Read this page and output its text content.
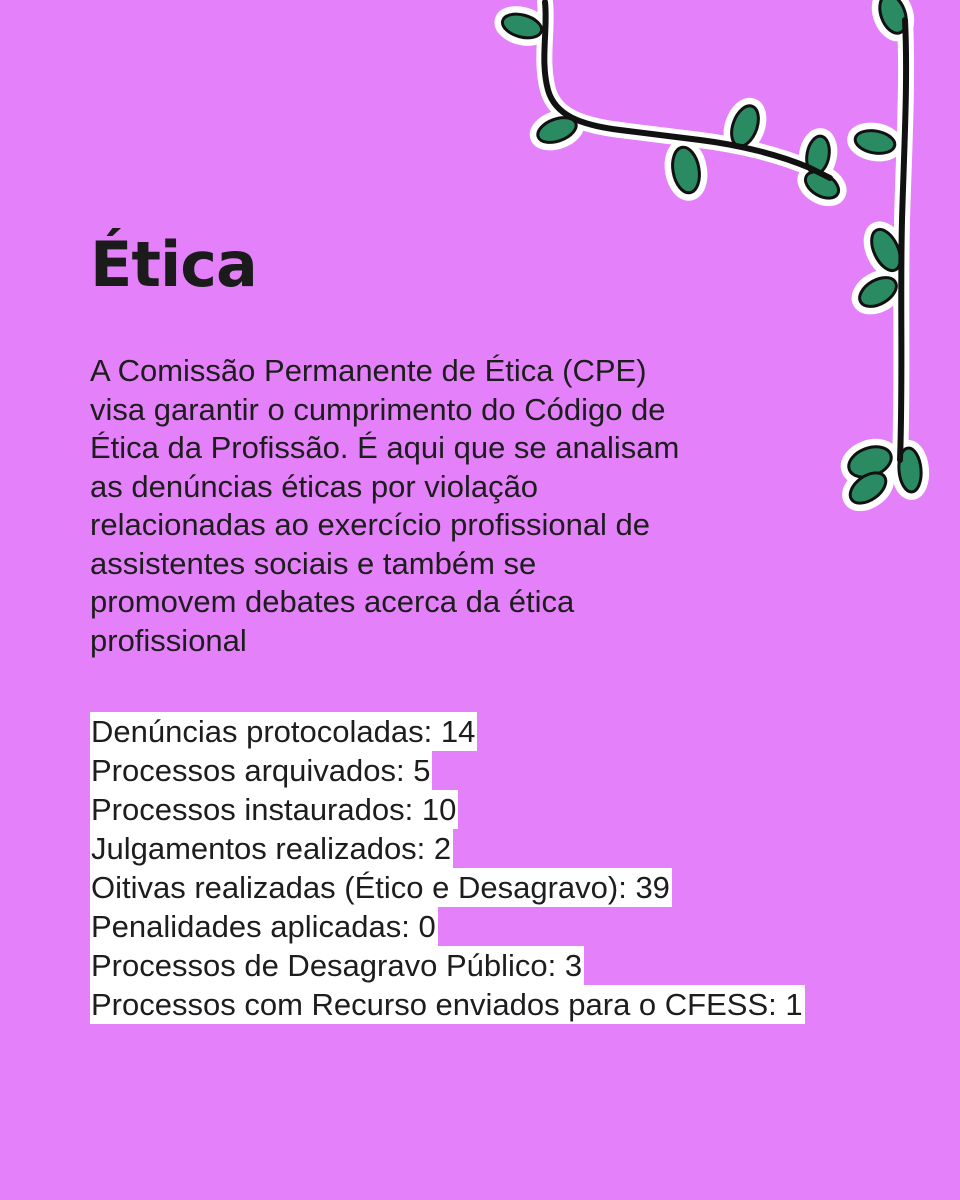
Ética

A Comissão Permanente de Ética (CPE) visa garantir o cumprimento do Código de Ética da Profissão. É aqui que se analisam as denúncias éticas por violação relacionadas ao exercício profissional de assistentes sociais e também se promovem debates acerca da ética profissional

Denúncias protocoladas: 14
Processos arquivados: 5
Processos instaurados: 10
Julgamentos realizados: 2
Oitivas realizadas (Ético e Desagravo): 39
Penalidades aplicadas: 0
Processos de Desagravo Público: 3
Processos com Recurso enviados para o CFESS: 1
